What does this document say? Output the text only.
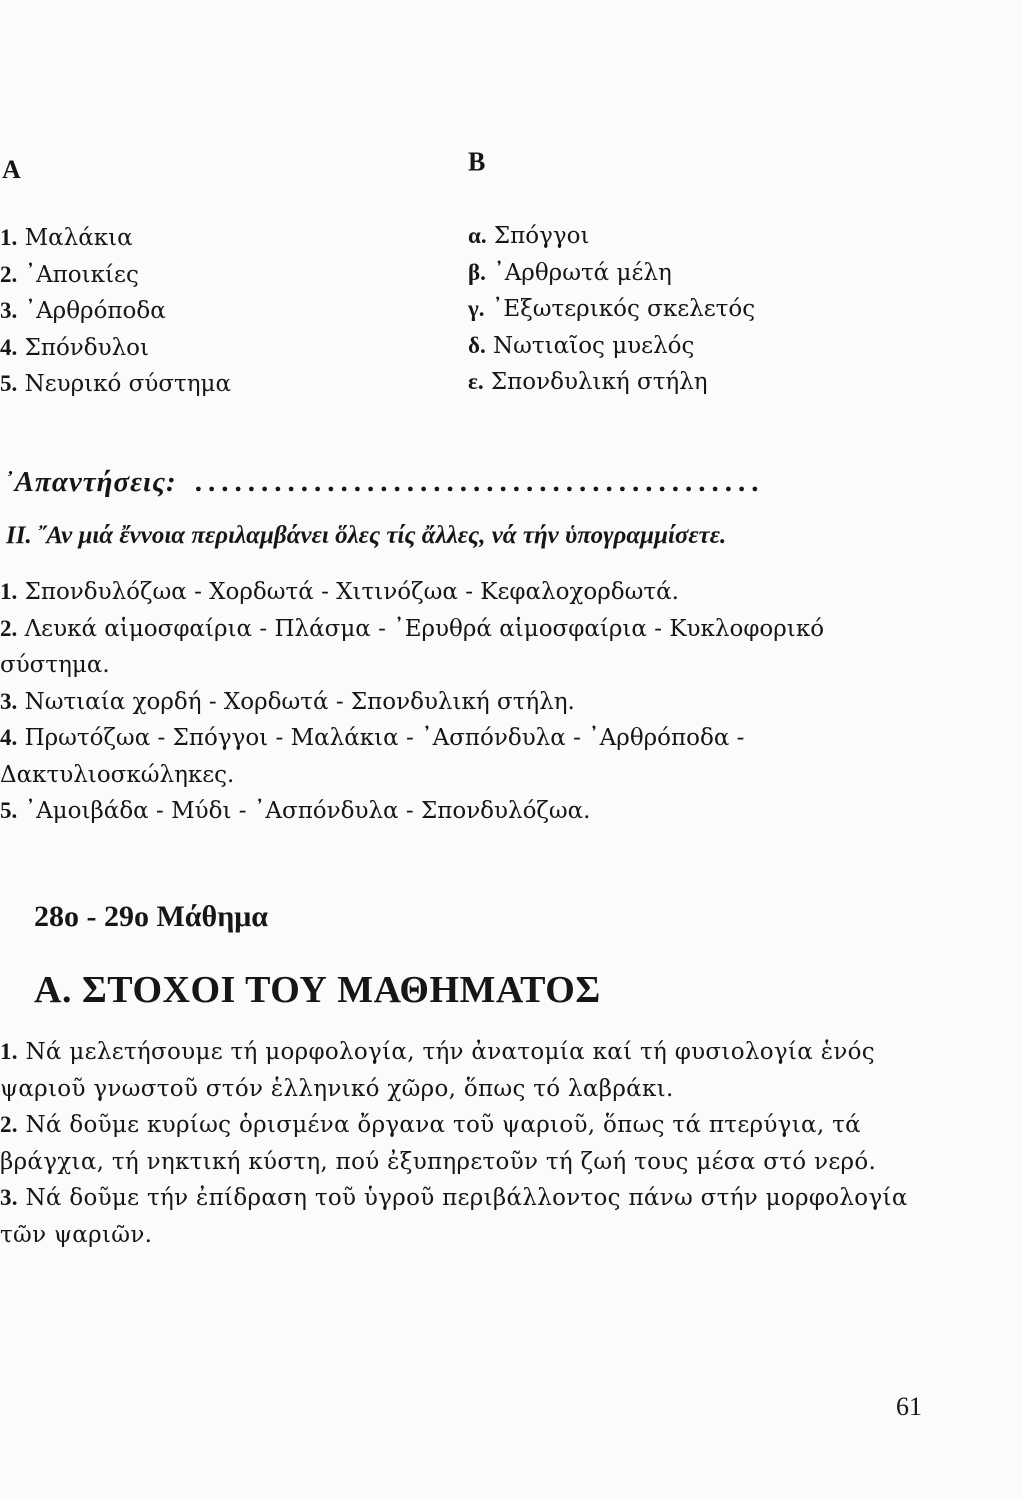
Α	Β
1. Μαλάκια
2. ᾿Αποικίες
3. ᾿Αρθρόποδα
4. Σπόνδυλοι
5. Νευρικό σύστημα
α. Σπόγγοι
β. ᾿Αρθρωτά μέλη
γ. ᾿Εξωτερικός σκελετός
δ. Νωτιαῖος μυελός
ε. Σπονδυλική στήλη
᾿Απαντήσεις: ...........................................
ΙΙ. ῎Αν μιά ἔννοια περιλαμβάνει ὅλες τίς ἄλλες, νά τήν ὑπογραμμίσετε.

1. Σπονδυλόζωα - Χορδωτά - Χιτινόζωα - Κεφαλοχορδωτά.

2. Λευκά αἱμοσφαίρια - Πλάσμα - ᾿Ερυθρά αἱμοσφαίρια - Κυκλοφορικό σύστημα.

3. Νωτιαία χορδή - Χορδωτά - Σπονδυλική στήλη.

4. Πρωτόζωα - Σπόγγοι - Μαλάκια - ᾿Ασπόνδυλα - ᾿Αρθρόποδα - Δακτυλιοσκώληκες.

5. ᾿Αμοιβάδα - Μύδι - ᾿Ασπόνδυλα - Σπονδυλόζωα.

28ο - 29ο Μάθημα
Α. ΣΤΟΧΟΙ ΤΟΥ ΜΑΘΗΜΑΤΟΣ

1. Νά μελετήσουμε τή μορφολογία, τήν ἀνατομία καί τή φυσιολογία ἑνός ψαριοῦ γνωστοῦ στόν ἑλληνικό χῶρο, ὅπως τό λαβράκι.

2. Νά δοῦμε κυρίως ὁρισμένα ὄργανα τοῦ ψαριοῦ, ὅπως τά πτερύγια, τά βράγχια, τή νηκτική κύστη, πού ἐξυπηρετοῦν τή ζωή τους μέσα στό νερό.

3. Νά δοῦμε τήν ἐπίδραση τοῦ ὑγροῦ περιβάλλοντος πάνω στήν μορφολογία τῶν ψαριῶν.

61
